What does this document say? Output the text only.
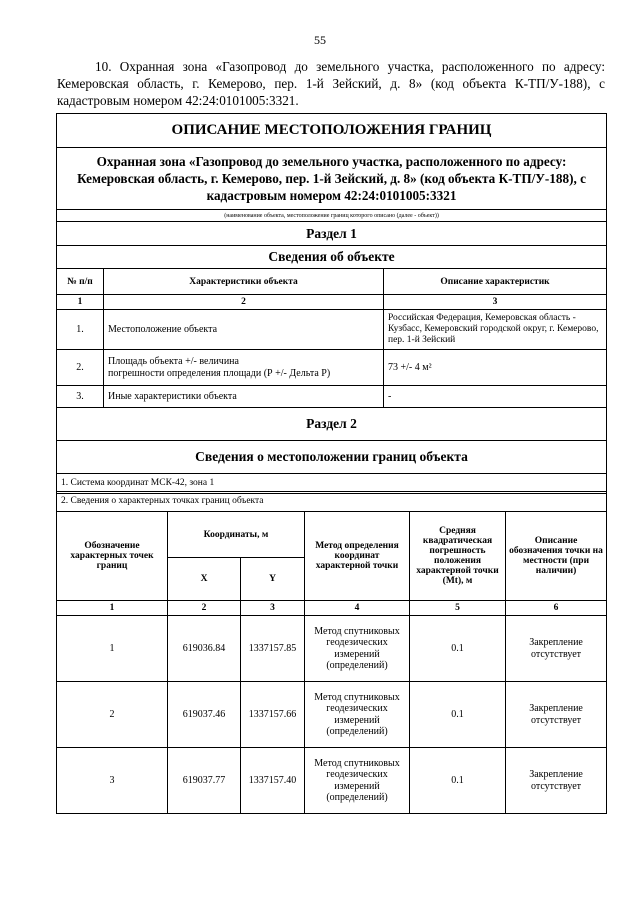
55
10. Охранная зона «Газопровод до земельного участка, расположенного по адресу: Кемеровская область, г. Кемерово, пер. 1-й Зейский, д. 8» (код объекта К-ТП/У-188), с кадастровым номером 42:24:0101005:3321.
ОПИСАНИЕ МЕСТОПОЛОЖЕНИЯ ГРАНИЦ		
Охранная зона «Газопровод до земельного участка, расположенного по адресу: Кемеровская область, г. Кемерово, пер. 1-й Зейский, д. 8» (код объекта К-ТП/У-188), с кадастровым номером 42:24:0101005:3321		
(наименование объекта, местоположение границ которого описано (далее - объект))		
Раздел 1		
Сведения об объекте		
№ п/п	Характеристики объекта	Описание характеристик
1	2	3
1.	Местоположение объекта	Российская Федерация, Кемеровская область - Кузбасс, Кемеровский городской округ, г. Кемерово, пер. 1-й Зейский
2.	Площадь объекта +/- величина
погрешности определения площади (Р +/- Дельта Р)	73 +/- 4 м²
3.	Иные характеристики объекта	-
Раздел 2		
Сведения о местоположении границ объекта		
1. Система координат МСК-42, зона 1		
2. Сведения о характерных точках границ объекта					
Обозначение характерных точек границ	Координаты, м		Метод определения координат характерной точки	Средняя квадратическая погрешность положения характерной точки (Mt), м	Описание обозначения точки на местности (при наличии)
	X	Y			
1	2	3	4	5	6
1	619036.84	1337157.85	Метод спутниковых геодезических измерений (определений)	0.1	Закрепление отсутствует
2	619037.46	1337157.66	Метод спутниковых геодезических измерений (определений)	0.1	Закрепление отсутствует
3	619037.77	1337157.40	Метод спутниковых геодезических измерений (определений)	0.1	Закрепление отсутствует
